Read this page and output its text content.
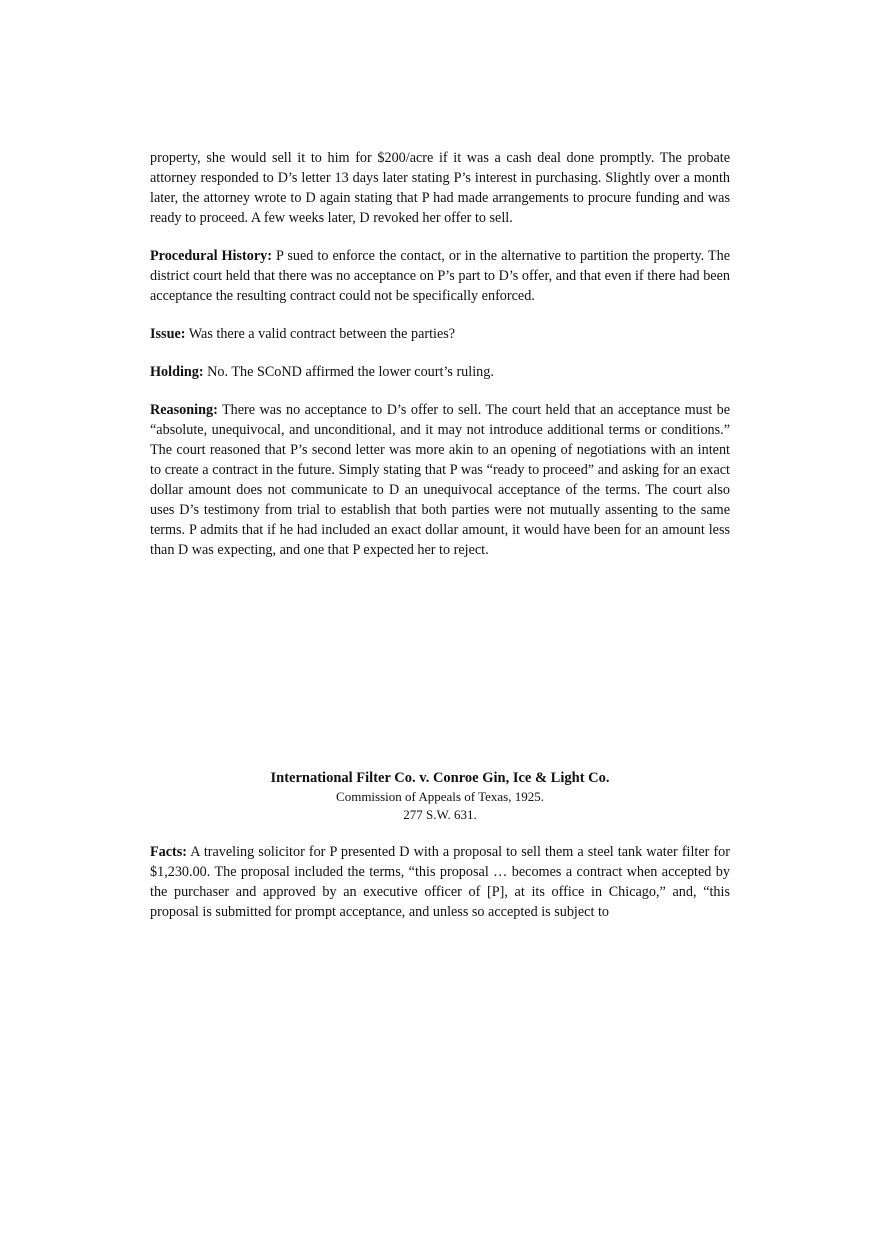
property, she would sell it to him for $200/acre if it was a cash deal done promptly. The probate attorney responded to D’s letter 13 days later stating P’s interest in purchasing. Slightly over a month later, the attorney wrote to D again stating that P had made arrangements to procure funding and was ready to proceed. A few weeks later, D revoked her offer to sell.

Procedural History: P sued to enforce the contact, or in the alternative to partition the property. The district court held that there was no acceptance on P’s part to D’s offer, and that even if there had been acceptance the resulting contract could not be specifically enforced.

Issue: Was there a valid contract between the parties?

Holding: No. The SCoND affirmed the lower court’s ruling.

Reasoning: There was no acceptance to D’s offer to sell. The court held that an acceptance must be “absolute, unequivocal, and unconditional, and it may not introduce additional terms or conditions.” The court reasoned that P’s second letter was more akin to an opening of negotiations with an intent to create a contract in the future. Simply stating that P was “ready to proceed” and asking for an exact dollar amount does not communicate to D an unequivocal acceptance of the terms. The court also uses D’s testimony from trial to establish that both parties were not mutually assenting to the same terms. P admits that if he had included an exact dollar amount, it would have been for an amount less than D was expecting, and one that P expected her to reject.

International Filter Co. v. Conroe Gin, Ice & Light Co.
Commission of Appeals of Texas, 1925.
277 S.W. 631.

Facts: A traveling solicitor for P presented D with a proposal to sell them a steel tank water filter for $1,230.00. The proposal included the terms, “this proposal … becomes a contract when accepted by the purchaser and approved by an executive officer of [P], at its office in Chicago,” and, “this proposal is submitted for prompt acceptance, and unless so accepted is subject to
